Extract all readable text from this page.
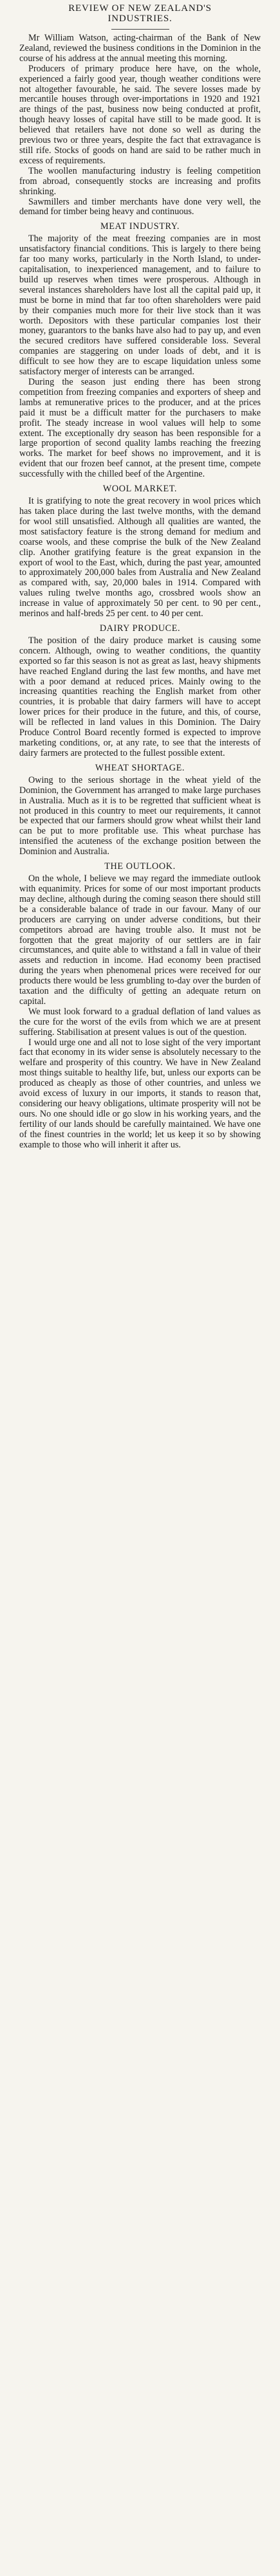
REVIEW OF NEW ZEALAND'S
INDUSTRIES.

Mr William Watson, acting-chairman of the Bank of New Zealand, reviewed the business conditions in the Dominion in the course of his address at the annual meeting this morning.

Producers of primary produce here have, on the whole, experienced a fairly good year, though weather conditions were not altogether favourable, he said. The severe losses made by mercantile houses through over-importations in 1920 and 1921 are things of the past, business now being conducted at profit, though heavy losses of capital have still to be made good. It is believed that retailers have not done so well as during the previous two or three years, despite the fact that extravagance is still rife. Stocks of goods on hand are said to be rather much in excess of requirements.

The woollen manufacturing industry is feeling competition from abroad, consequently stocks are increasing and profits shrinking.

Sawmillers and timber merchants have done very well, the demand for timber being heavy and continuous.

MEAT INDUSTRY.

The majority of the meat freezing companies are in most unsatisfactory financial conditions. This is largely to there being far too many works, particularly in the North Island, to under-capitalisation, to inexperienced management, and to failure to build up reserves when times were prosperous. Although in several instances shareholders have lost all the capital paid up, it must be borne in mind that far too often shareholders were paid by their companies much more for their live stock than it was worth. Depositors with these particular companies lost their money, guarantors to the banks have also had to pay up, and even the secured creditors have suffered considerable loss. Several companies are staggering on under loads of debt, and it is difficult to see how they are to escape liquidation unless some satisfactory merger of interests can be arranged.

During the season just ending there has been strong competition from freezing companies and exporters of sheep and lambs at remunerative prices to the producer, and at the prices paid it must be a difficult matter for the purchasers to make profit. The steady increase in wool values will help to some extent. The exceptionally dry season has been responsible for a large proportion of second quality lambs reaching the freezing works. The market for beef shows no improvement, and it is evident that our frozen beef cannot, at the present time, compete successfully with the chilled beef of the Argentine.

WOOL MARKET.

It is gratifying to note the great recovery in wool prices which has taken place during the last twelve months, with the demand for wool still unsatisfied. Although all qualities are wanted, the most satisfactory feature is the strong demand for medium and coarse wools, and these comprise the bulk of the New Zealand clip. Another gratifying feature is the great expansion in the export of wool to the East, which, during the past year, amounted to approximately 200,000 bales from Australia and New Zealand as compared with, say, 20,000 bales in 1914. Compared with values ruling twelve months ago, crossbred wools show an increase in value of approximately 50 per cent. to 90 per cent., merinos and half-breds 25 per cent. to 40 per cent.

DAIRY PRODUCE.

The position of the dairy produce market is causing some concern. Although, owing to weather conditions, the quantity exported so far this season is not as great as last, heavy shipments have reached England during the last few months, and have met with a poor demand at reduced prices. Mainly owing to the increasing quantities reaching the English market from other countries, it is probable that dairy farmers will have to accept lower prices for their produce in the future, and this, of course, will be reflected in land values in this Dominion. The Dairy Produce Control Board recently formed is expected to improve marketing conditions, or, at any rate, to see that the interests of dairy farmers are protected to the fullest possible extent.

WHEAT SHORTAGE.

Owing to the serious shortage in the wheat yield of the Dominion, the Government has arranged to make large purchases in Australia. Much as it is to be regretted that sufficient wheat is not produced in this country to meet our requirements, it cannot be expected that our farmers should grow wheat whilst their land can be put to more profitable use. This wheat purchase has intensified the acuteness of the exchange position between the Dominion and Australia.

THE OUTLOOK.

On the whole, I believe we may regard the immediate outlook with equanimity. Prices for some of our most important products may decline, although during the coming season there should still be a considerable balance of trade in our favour. Many of our producers are carrying on under adverse conditions, but their competitors abroad are having trouble also. It must not be forgotten that the great majority of our settlers are in fair circumstances, and quite able to withstand a fall in value of their assets and reduction in income. Had economy been practised during the years when phenomenal prices were received for our products there would be less grumbling to-day over the burden of taxation and the difficulty of getting an adequate return on capital.

We must look forward to a gradual deflation of land values as the cure for the worst of the evils from which we are at present suffering. Stabilisation at present values is out of the question.

I would urge one and all not to lose sight of the very important fact that economy in its wider sense is absolutely necessary to the welfare and prosperity of this country. We have in New Zealand most things suitable to healthy life, but, unless our exports can be produced as cheaply as those of other countries, and unless we avoid excess of luxury in our imports, it stands to reason that, considering our heavy obligations, ultimate prosperity will not be ours. No one should idle or go slow in his working years, and the fertility of our lands should be carefully maintained. We have one of the finest countries in the world; let us keep it so by showing example to those who will inherit it after us.
